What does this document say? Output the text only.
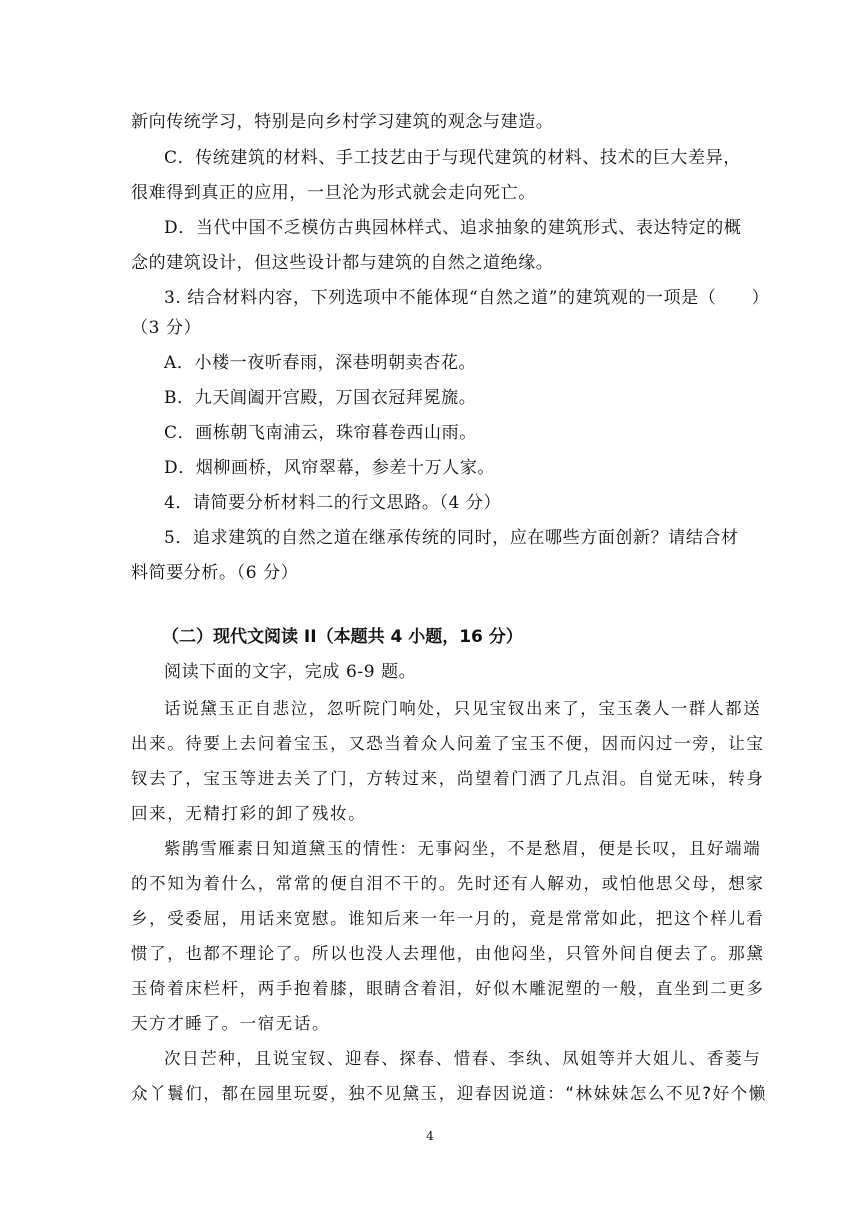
新向传统学习，特别是向乡村学习建筑的观念与建造。
C．传统建筑的材料、手工技艺由于与现代建筑的材料、技术的巨大差异，
很难得到真正的应用，一旦沦为形式就会走向死亡。
D．当代中国不乏模仿古典园林样式、追求抽象的建筑形式、表达特定的概
念的建筑设计，但这些设计都与建筑的自然之道绝缘。
3. 结合材料内容，下列选项中不能体现“自然之道”的建筑观的一项是（　　）
（3 分）
A．小楼一夜听春雨，深巷明朝卖杏花。
B．九天阊阖开宫殿，万国衣冠拜冕旒。
C．画栋朝飞南浦云，珠帘暮卷西山雨。
D．烟柳画桥，风帘翠幕，参差十万人家。
4．请简要分析材料二的行文思路。（4 分）
5．追求建筑的自然之道在继承传统的同时，应在哪些方面创新？请结合材
料简要分析。（6 分）
（二）现代文阅读 II（本题共 4 小题，16 分）
阅读下面的文字，完成 6-9 题。
话说黛玉正自悲泣，忽听院门响处，只见宝钗出来了，宝玉袭人一群人都送
出来。待要上去问着宝玉，又恐当着众人问羞了宝玉不便，因而闪过一旁，让宝
钗去了，宝玉等进去关了门，方转过来，尚望着门洒了几点泪。自觉无味，转身
回来，无精打彩的卸了残妆。
紫鹃雪雁素日知道黛玉的情性：无事闷坐，不是愁眉，便是长叹，且好端端
的不知为着什么，常常的便自泪不干的。先时还有人解劝，或怕他思父母，想家
乡，受委屈，用话来宽慰。谁知后来一年一月的，竟是常常如此，把这个样儿看
惯了，也都不理论了。所以也没人去理他，由他闷坐，只管外间自便去了。那黛
玉倚着床栏杆，两手抱着膝，眼睛含着泪，好似木雕泥塑的一般，直坐到二更多
天方才睡了。一宿无话。
次日芒种，且说宝钗、迎春、探春、惜春、李纨、凤姐等并大姐儿、香菱与
众丫鬟们，都在园里玩耍，独不见黛玉，迎春因说道：“林妹妹怎么不见?好个懒
4
